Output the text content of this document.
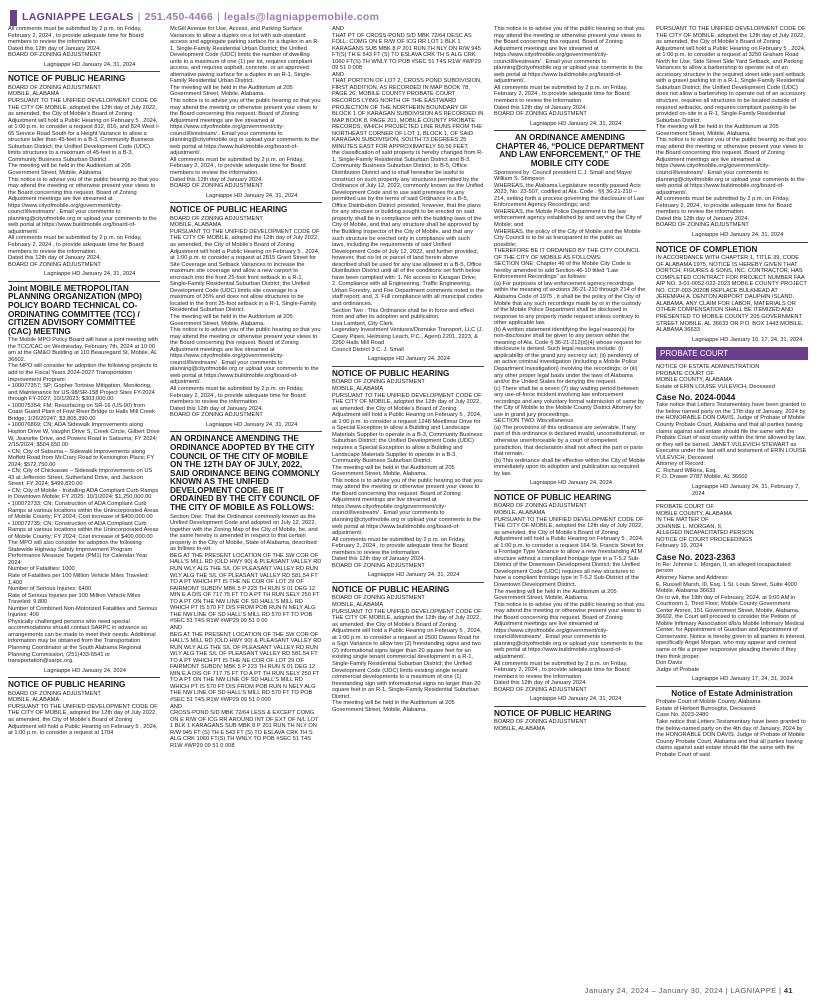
LAGNIAPPE LEGALS | 251.450-4466 | legals@lagniappemobile.com

All comments must be submitted by 2 p.m. on Friday, February 2, 2024 , to provide adequate time for Board members to review the information.

Dated this 12th day of January 2024.

BOARD OF ZONING ADJUSTMENT

Lagniappe HD January 24, 31, 2024

NOTICE OF PUBLIC HEARING

BOARD OF ZONING ADJUSTMENT

MOBILE, ALABAMA

PURSUANT TO THE UNIFIED DEVELOPMENT CODE OF THE CITY OF MOBILE, adopted the 12th day of July 2022, as amended, the City of Mobile’s Board of Zoning Adjustment will hold a Public Hearing on February 5 , 2024, at 1:00 p.m. to consider a request 812, 816, and 824 West I-65 Service Road South for a Height Variance to allow a structure taller than 45-feet in a B-3, Community Business Suburban District; the Unified Development Code (UDC) limits structures to a maximum of 45-feet in a B-3, Community Business Suburban District .

The meeting will be held in the Auditorium at 205 Government Street, Mobile, Alabama.

This notice is to advise you of the public hearing so that you may attend the meeting or otherwise present your views to the Board concerning this request. Board of Zoning Adjustment meetings are live streamed at https://www.cityofmobile.org/government/city-council/livestream/ . Email your comments to planning@cityofmobile.org or upload your comments to the web portal at https://www.buildmobile.org/board-of-adjustment/.

All comments must be submitted by 2 p.m. on Friday, February 2, 2024 , to provide adequate time for Board members to review the information.

Dated this 12th day of January 2024.

BOARD OF ZONING ADJUSTMENT

Lagniappe HD January 24, 31, 2024

Joint MOBILE METROPOLITAN PLANNING ORGANIZATION (MPO) POLICY BOARD TECHNICAL CO-ORDINATING COMMITTEE (TCC) / CITIZEN ADVISORY COMMITTEE (CAC) MEETING

The Mobile MPO Policy Board will have a joint meeting with the TCC/CAC on Wednesday, February 7th, 2024 at 10:00 am at the GM&O Building at 110 Beauregard St, Mobile, AL 36602.

The MPO will consider for adoption the following projects to add to the Fiscal Years 2024-2027 Transportation Improvement Program:

• 100077357; SP; Gopher Tortoise Mitigation, Monitoring, and Maintenance for US-98/SR-158 Project Sites FY-2024 through FY-2027; 10/1/2023; $303,000.00

• 100075354; FM; Resurfacing on SR-16 (US-90) from Coast Guard Plant of Fowl River Bridge to Halls Mill Creek Bridge; 1/26/20247; $3,805,390.00

• 100076869; CN; ADA Sidewalk Improvements along Hopton Drive W, Vaughn Drive S, Creek Circle, Gilbert Drive W, Jeanette Drive, and Powers Road in Satsuma; FY 2024; 2/15/2024; $504,650.00

• CN; City of Satsuma – Sidewalk Improvements along Moffett Road from McCrary Road to Kensington Place; FY 2024; $572,750.00

• CN; City of Chickasaw – Sidewalk Improvements on US 43 at Jefferson Street, Sutherland Drive, and Jackson Street; FY 2024; $499,820.00

• CN; City of Mobile - Installing ADA Compliant Curb Ramps in Downtown Mobile; FY 2025; 10/1/2024; $1,250,000.00

• 100072733; CN; Construction of ADA Compliant Curb Ramps at various locations within the Unincorporated Areas of Mobile County; FY 2024; Cost increase of $400,000.00

• 100072735; CN; Construction of ADA Compliant Curb Ramps at various locations within the Unincorporated Areas of Mobile County; FY 2024; Cost increase of $400,000.00

The MPO will also consider for adoption the following Statewide Highway Safety Improvement Program Performance Measure Targets (PM1) for Calendar Year 2024:

Number of Fatalities: 1000

Rate of Fatalities per 100 Million Vehicle Miles Traveled: 1.400

Number of Serious Injuries: 6400

Rate of Serious Injuries per 100 Million Vehicle Miles Traveled: 9.800

Number of Combined Non-Motorized Fatalities and Serious Injuries: 400

Physically challenged persons who need special accommodations should contact SARPC in advance so arrangements can be made to meet their needs. Additional information may be obtained from the Transportation Planning Coordinator at the South Alabama Regional Planning Commission, (251)433-6541 or transportation@sarpc.org.

Lagniappe HD January 24, 2024

NOTICE OF PUBLIC HEARING

BOARD OF ZONING ADJUSTMENT

MOBILE, ALABAMA

PURSUANT TO THE UNIFIED DEVELOPMENT CODE OF THE CITY OF MOBILE, adopted the 12th day of July 2022, as amended, the City of Mobile’s Board of Zoning Adjustment will hold a Public Hearing on February 5 , 2024, at 1:00 p.m. to consider a request at 1704

McGill Avenue for Use, Access, and Parking Surface Variances to allow a duplex on a lot with sub-standard access and aggregate parking surface for a duplex in an R-1, Single-Family Residential Urban District; the Unified Development Code (UDC) limits the number of dwelling units to a maximum of one (1) per lot, requires compliant access, and requires asphalt, concrete, or an approved alternative paving surface for a duplex in an R-1, Single-Family Residential Urban District.

The meeting will be held in the Auditorium at 205 Government Street, Mobile, Alabama.

This notice is to advise you of the public hearing so that you may attend the meeting or otherwise present your views to the Board concerning this request. Board of Zoning Adjustment meetings are live streamed at https://www.cityofmobile.org/government/city-council/livestream/ . Email your comments to planning@cityofmobile.org or upload your comments to the web portal at https://www.buildmobile.org/board-of-adjustment/.

All comments must be submitted by 2 p.m. on Friday, February 2, 2024 , to provide adequate time for Board members to review the information.

Dated this 12th day of January 2024.

BOARD OF ZONING ADJUSTMENT

Lagniappe HD January 24, 31, 2024

NOTICE OF PUBLIC HEARING

BOARD OF ZONING ADJUSTMENT

MOBILE, ALABAMA

PURSUANT TO THE UNIFIED DEVELOPMENT CODE OF THE CITY OF MOBILE, adopted the 12th day of July 2022, as amended, the City of Mobile’s Board of Zoning Adjustment will hold a Public Hearing on February 5 , 2024, at 1:00 p.m. to consider a request at 2815 Grant Street for Site Coverage and Setback Variances to increase the maximum site coverage and allow a new carport to encroach into the front 25-foot front setback in a R-1, Single-Family Residential Suburban District; the Unified Development Code (UDC) limits site coverage to a maximum of 35% and does not allow structures to be located in the front 25-foot setback in a R-1, Single-Family Residential Suburban District.

The meeting will be held in the Auditorium at 205 Government Street, Mobile, Alabama.

This notice is to advise you of the public hearing so that you may attend the meeting or otherwise present your views to the Board concerning this request. Board of Zoning Adjustment meetings are live streamed at https://www.cityofmobile.org/government/city-council/livestream/ . Email your comments to planning@cityofmobile.org or upload your comments to the web portal at https://www.buildmobile.org/board-of-adjustment/.

All comments must be submitted by 2 p.m. on Friday, February 2, 2024 , to provide adequate time for Board members to review the information.

Dated this 12th day of January 2024.

BOARD OF ZONING ADJUSTMENT

Lagniappe HD January 24, 31, 2024

AN ORDINANCE AMENDING THE ORDINANCE ADOPTED BY THE CITY COUNCIL OF THE CITY OF MOBILE ON THE 12TH DAY OF JULY, 2022, SAID ORDINANCE BEING COMMONLY KNOWN AS THE UNIFIED DEVELOPMENT CODE. BE IT ORDAINED BY THE CITY COUNCIL OF THE CITY OF MOBILE AS FOLLOWS:

Section One: That the Ordinance commonly known as the Unified Development Code and adopted on July 12, 2022, together with the Zoning Map of the City of Mobile, be, and the same hereby is amended in respect to that certain property in the City of Mobile, State of Alabama, described as follows to-wit:

BEG AT THE PRESENT LOCATION OF THE SW COR OF HALL’S MILL RD (OLD HWY 90) & PLEASANT VALLEY RD RUN WLY ALG THE S/L OF PLEASANT VALLEY RD RUN WLY ALG THE S/L OF PLEASANT VALLEY RD 581.54 FT TO A PT WHICH PT IS THE NE COR OF LOT 29 OF FAIRMONT SUBDIV MBK 5 P 223 TH RUN S 01 DEG 12 MIN E A DIS OF 717.75 FT TO A PT TH RUN SELY 250 FT TO A PT ON THE NW LINE OF SD HALL’S MILL RD WHICH PT IS 570 FT DIS FROM POB RUN N NELY ALG THE NW LINE OF SD HALL’S MILL RD 570 FT TO POB #SEC 51 T4S R1W #WP29 09 51 0 00

AND

BEG AT THE PRESENT LOCATION OF THE SW COR OF HALL’S MILL RD (OLD HWY 90) & PLEASANT VALLEY RD RUN WLY ALG THE S/L OF PLEASANT VALLEY RD RUN WLY ALG THE S/L OF PLEASANT VALLEY RD 581.54 FT TO A PT WHICH PT IS THE NE COR OF LOT 29 OF FAIRMONT SUBDIV MBK 5 P 223 TH RUN S 01 DEG 12 MIN E A DIS OF 717.75 FT TO A PT TH RUN SELY 250 FT TO A PT ON THE NW LINE OF SD HALL’S MILL RD WHICH PT IS 570 FT DIS FROM POB RUN N NELY ALG THE NW LINE OF SD HALL’S MILL RD 570 FT TO POB #SEC 51 T4S R1W #WP29 09 51 0 000

AND

CROSS-POND S/D MBK 72/64 LESS & EXCEPT COMG ON E R/W OF ICG RR AROUND INT OF EXT OF N/L LOT 1 BLK 1 KARAGANS SUB MBK 8 P 201 RUN TH NLY ON R/W 945 FT (S) TH E 543 FT (S) TO ESLAVA CRK TH S ALG CRK 1060 FT(S) TH WNLY TO POB #SEC 51 T4S R1W #WP29 09 51 0 008

AND

THAT PT OF CROSS-POND S/D MBK 72/64 DESC AS FOLL: COMG ON E R/W OF ICG RR LOT 1 BLK 1 KARAGANS SUB MBK 8 P 201 RUN TH NLY ON R/W 945 FT(S) TH E 543 FT (S) TO ESLAVA CRK TH S ALG CRK 1060 FT(S) TH WNLY TO POB #SEC 51 T4S R1W #WP29 09 51 0 008

AND

THAT PORTION OF LOT 2, CROSS POND SUBDIVISION, FIRST ADDITION, AS RECORDED IN MAP BOOK 78, PAGE 26, MOBILE COUNTY PROBATE COURT RECORDS LYING NORTH OF THE EASTWARD PROJECTION OF THE NORTHERN BOUNDARY OF BLOCK 1 OF KARAGAN SUBDIVISION AS RECORDED IN MAP BOOK 8, PAGE 201, MOBILE COUNTY PROBATE RECORDS, WHICH PROJECTED LINE RUNS FROM THE NORTHEAST CORNER OF LOT 1, BLOCK 1, OF SAID KARAGAN SUBDIVISION, SOUTH 73 DEGREES 25 MINUTES EAST FOR APPROXIMATELY 50.56 FEET,

the classification of said property is hereby changed from R-1, Single-Family Residential Suburban District and B-3, Community Business Suburban District, to B-5, Office Distribution District and is shall hereafter be lawful to construct on such property any structures permitted by the Ordinance of July 12, 2022, commonly known as the Unified Development Code and to use said premises for any permitted use by the terms of said Ordinance in a B-5, Office Distribution District provided, however, that the plans for any structure or building sought to be erected on said property shall be in compliance with the building laws of the City of Mobile, and that any structure shall be approved by the Building Inspector of the City of Mobile, and that any such structure be erected only in compliance with such laws, including the requirements of said Unified Development Code of July 12, 2022, and further provided, however, that no lot or parcel of land herein above described shall be used for any use allowed in a B-5, Office Distribution District until all of the conditions set forth below have been complied with: 1. No access to Karagan Drive;

2. Compliance with all Engineering, Traffic Engineering, Urban Forestry, and Fire Department comments noted in the staff report; and, 3. Full compliance with all municipal codes and ordinances.

Section Two : This Ordinance shall be in force and effect from and after its adoption and publication.

Lisa Lambert, City Clerk

Legendary Investment Ventures/Dismuke Transport, LLC (J. Casey Pipes, Helmsing Leach, P.C., Agent) 2201, 2223, & 2260 Halls Mill Road

Council District 3 C. J. Small

Lagniappe HD January 24, 2024

NOTICE OF PUBLIC HEARING

BOARD OF ZONING ADJUSTMENT

MOBILE, ALABAMA

PURSUANT TO THE UNIFIED DEVELOPMENT CODE OF THE CITY OF MOBILE, adopted the 12th day of July 2022, as amended, the City of Mobile’s Board of Zoning Adjustment will hold a Public Hearing on February 5 , 2024, at 1:00 p.m. to consider a request 1248 Meetlimar Drive for a Special Exception to allow a Building and Landscape Materials Supplier to operate in a B-3, Community Business Suburban District; the Unified Development Code (UDC) requires a Special Exception to allow a Building and Landscape Materials Supplier to operate in a B-3, Community Business Suburban District.

The meeting will be held in the Auditorium at 205 Government Street, Mobile, Alabama.

This notice is to advise you of the public hearing so that you may attend the meeting or otherwise present your views to the Board concerning this request. Board of Zoning Adjustment meetings are live streamed at https://www.cityofmobile.org/government/city-council/livestream/ . Email your comments to planning@cityofmobile.org or upload your comments to the web portal at https://www.buildmobile.org/board-of-adjustment/.

All comments must be submitted by 2 p.m. on Friday, February 2, 2024 , to provide adequate time for Board members to review the information.

Dated this 12th day of January 2024.

BOARD OF ZONING ADJUSTMENT

Lagniappe HD January 24, 31, 2024

NOTICE OF PUBLIC HEARING

BOARD OF ZONING ADJUSTMENT

MOBILE, ALABAMA

PURSUANT TO THE UNIFIED DEVELOPMENT CODE OF THE CITY OF MOBILE, adopted the 12th day of July 2022, as amended, the City of Mobile’s Board of Zoning Adjustment will hold a Public Hearing on February 5 , 2024, at 1:00 p.m. to consider a request at 2500 Dawes Road for a Sign Variance to allow two (2) freestanding signs and two (2) informational signs larger than 20 square feet for an existing single tenant commercial development in a R-1, Single-Family Residential Suburban District; the Unified Development Code (UDC) limits existing single tenant commercial developments to a maximum of one (1) freestanding sign with informational signs no larger than 20 square feet in an R-1, Single-Family Residential Suburban District.

The meeting will be held in the Auditorium at 205 Government Street, Mobile, Alabama.

This notice is to advise you of the public hearing so that you may attend the meeting or otherwise present your views to the Board concerning this request. Board of Zoning Adjustment meetings are live streamed at https://www.cityofmobile.org/government/city-council/livestream/ . Email your comments to planning@cityofmobile.org or upload your comments to the web portal at https://www.buildmobile.org/board-of-adjustment/.

All comments must be submitted by 2 p.m. on Friday, February 2, 2024 , to provide adequate time for Board members to review the information.

Dated this 12th day of January 2024.

BOARD OF ZONING ADJUSTMENT

Lagniappe HD January 24, 31, 2024

AN ORDINANCE AMENDING CHAPTER 46, “POLICE DEPARTMENT AND LAW ENFORCEMENT,” OF THE MOBILE CITY CODE

Sponsored by: Council president C.J. Small and Mayor William S. Stimpson

WHEREAS, the Alabama Legislature recently passed Acts 2023, No. 23-507, codified at Ala. Code . §§ 36-21-210 – 214, setting forth a process governing the disclosure of Law Enforcement Agency Recordings; and

WHEREAS, the Mobile Police Department is the law enforcement agency established by and serving the City of Mobile; and

WHEREAS, the policy of the City of Mobile and the Mobile City Council is to be as transparent to the public as possible;

THEREFORE BE IT ORDAINED BY THE CITY COUNCIL OF THE CITY OF MOBILE AS FOLLOWS:

SECTION ONE: Chapter 46 of the Mobile City Code is hereby amended to add Section 46-10 titled “Law Enforcement Recordings” as follows:

(a) For purposes of law enforcement agency recordings within the meaning of sections 36-21-210 through 214 of the Alabama Code of 1975 , it shall be the policy of the City of Mobile that any such recordings made by or in the custody of the Mobile Police Department shall be disclosed in response to any properly made request unless contrary to other applicable law.

(b) A written statement identifying the legal reason(s) for non-disclosure shall be given to any person within the meaning of Ala. Code § 36-21-212(d)(4) whose request for disclosure is denied. Such legal reasons include: (i) applicability of the grand jury secrecy act; (ii) pendency of an active criminal investigation (including a Mobile Police Department investigation) involving the recordings; or (iii) any other proper legal basis under the laws of Alabama and/or the United States for denying the request.

(c) There shall be a seven (7) day waiting period between any use-of-force incident involving law enforcement recordings and any voluntary formal submission of same by the City of Mobile to the Mobile County District Attorney for use in grand jury proceedings.

SECTION TWO: Miscellaneous.

(a) The provisions of this ordinance are severable. If any part of this ordinance is declared invalid, unconstitutional, or otherwise unenforceable by a court of competent jurisdiction, that declaration shall not affect the part or parts that remain.

(b) This ordinance shall be effective within the City of Mobile immediately upon its adoption and publication as required by law.

Lagniappe HD January 24, 2024

NOTICE OF PUBLIC HEARING

BOARD OF ZONING ADJUSTMENT

MOBILE, ALABAMA

PURSUANT TO THE UNIFIED DEVELOPMENT CODE OF THE CITY OF MOBILE, adopted the 12th day of July 2022, as amended, the City of Mobile’s Board of Zoning Adjustment will hold a Public Hearing on February 5 , 2024, at 1:00 p.m. to consider a request 164 St. Francis Street for a Frontage Type Variance to allow a new freestanding ATM structure without a compliant frontage type in a T-5.2 Sub-District of the Downtown Development District; the Unified Development Code (UDC) requires all new structures to have a compliant frontage type in T-5.2 Sub-District of the Downtown Development District.

The meeting will be held in the Auditorium at 205 Government Street, Mobile, Alabama.

This notice is to advise you of the public hearing so that you may attend the meeting or otherwise present your views to the Board concerning this request. Board of Zoning Adjustment meetings are live streamed at https://www.cityofmobile.org/government/city-council/livestream/ . Email your comments to planning@cityofmobile.org or upload your comments to the web portal at https://www.buildmobile.org/board-of-adjustment/.

All comments must be submitted by 2 p.m. on Friday, February 2, 2024 , to provide adequate time for Board members to review the information.

Dated this 12th day of January 2024.

BOARD OF ZONING ADJUSTMENT

Lagniappe HD January 24, 31, 2024

NOTICE OF PUBLIC HEARING

BOARD OF ZONING ADJUSTMENT

MOBILE, ALABAMA

PURSUANT TO THE UNIFIED DEVELOPMENT CODE OF THE CITY OF MOBILE, adopted the 12th day of July 2022, as amended, the City of Mobile’s Board of Zoning Adjustment will hold a Public Hearing on February 5 , 2024, at 1:00 p.m. to consider a request at 3250 Graham Road North for Use, Side Street Side Yard Setback, and Parking Variances to allow a barbershop to operate out of an accessory structure in the required street side yard setback with a gravel parking lot in a R-1, Single-Family Residential Suburban District; the Unified Development Code (UDC) does not allow a barbershop to operate out of an accessory structure, requires all structures to be located outside of required setbacks, and requires compliant parking to be provided on-site in a R-1, Single-Family Residential Suburban District.

The meeting will be held in the Auditorium at 205 Government Street, Mobile, Alabama.

This notice is to advise you of the public hearing so that you may attend the meeting or otherwise present your views to the Board concerning this request. Board of Zoning Adjustment meetings are live streamed at https://www.cityofmobile.org/government/city-council/livestream/ . Email your comments to planning@cityofmobile.org or upload your comments to the web portal at https://www.buildmobile.org/board-of-adjustment/.

All comments must be submitted by 2 p.m. on Friday, February 2, 2024 , to provide adequate time for Board members to review the information.

Dated this 12th day of January 2024.

BOARD OF ZONING ADJUSTMENT

Lagniappe HD January 24, 31, 2024

NOTICE OF COMPLETION

IN ACCORDANCE WITH CHAPTER 1, TITLE 39, CODE OF ALABAMA 1975, NOTICE IS HEREBY GIVEN THAT DORTCH, FIGURES & SONS, INC. CONTRACTOR, HAS COMPLETED CONTRACT FOR PROJECT NUMBER FAA AIP NO. 3-01-0052-022-2023 MOBILE COUNTY PROJECT NO. CCP-003-2020B REPLACE BULKHEAD AT JEREMIAH A. DENTON AIRPORT DAUPHIN ISLAND, ALABAMA. ANY CLAIM FOR LABOR, MATERIALS OR OTHER COMPENSATION SHALL BE ITEMIZED AND PRESENTED TO MOBILE COUNTY 205 GOVERNMENT STREET MOBILE, AL 36633 OR P.O. BOX 1443 MOBILE, ALABAMA 36633

Lagniappe HD January 10, 17, 24, 31, 2024

PROBATE COURT

NOTICE OF ESTATE ADMINISTRATION

PROBATE COURT OF

MOBILE COUNTY, ALABAMA

Estate of ERIN LOUISE VULEVICH, Deceased

Case No. 2024-0044

Take notice that Letters Testamentary have been granted to the below named party on the 17th day of January, 2024 by the HONORABLE DON DAVIS, Judge of Probate of Mobile County Probate Court, Alabama and that all parties having claims against said estate should file the same with the Probate Court of said county within the time allowed by law, or they will be barred. JANET VULEVICH STEWART as Executrix under the last will and testament of ERIN LOUISE VULEVICH, Deceased

Attorney of Record:

C. Richard Wilkins, Esq.

P. O. Drawer 2787 Mobile, AL 36602

Lagniappe HD January 24, 31, February 7, 2024

PROBATE COURT OF

MOBILE COUNTY, ALABAMA

IN THE MATTER OF

JOHNNIE L. MORGAN, II,

ALLEGED INCAPACITATED PERSON

NOTICE OF COURT PROCEEDINGS

February 19, 2024

Case No. 2023-2363

In Re: Johnnie L. Morgan, II, an alleged incapacitated person

Attorney Name and Address:

E. Russell Marsh, III, Esq. 1 St. Louis Street, Suite 4000 Mobile, Alabama 36633

On to wit, the 19th day of February, 2024, at 9:00 AM in Courtroom 1, Third Floor, Mobile County Government Center Annex, 151 Government Street, Mobile, Alabama, 36602, the Court will proceed to consider the Petition of Mobile Infirmary Association d/b/a Mobile Infirmary Medical Center, for Appointment of Guardian and Appointment of Conservator. Notice is hereby given to all parties in interest, specifically Angel Morgan, who may appear and contest same or file a proper responsive pleading thereto if they then think proper.

Don Davis

Judge of Probate

Lagniappe HD January 17, 24, 31, 2024

Notice of Estate Administration

Probate Court of Mobile County, Alabama

Estate of Herbert Burroughs, Deceased

Case No. 2023-2480

Take notice that Letters Testamentary have been granted to the below-named party on the 4th day of January, 2024 by the HONORABLE DON DAVIS, Judge of Probate of Mobile County Probate Court, Alabama and that all parties having claims against said estate should file the same with the Probate Court of said

January 24, 2024 – January 30, 2024 | LAGNIAPPE | 41
